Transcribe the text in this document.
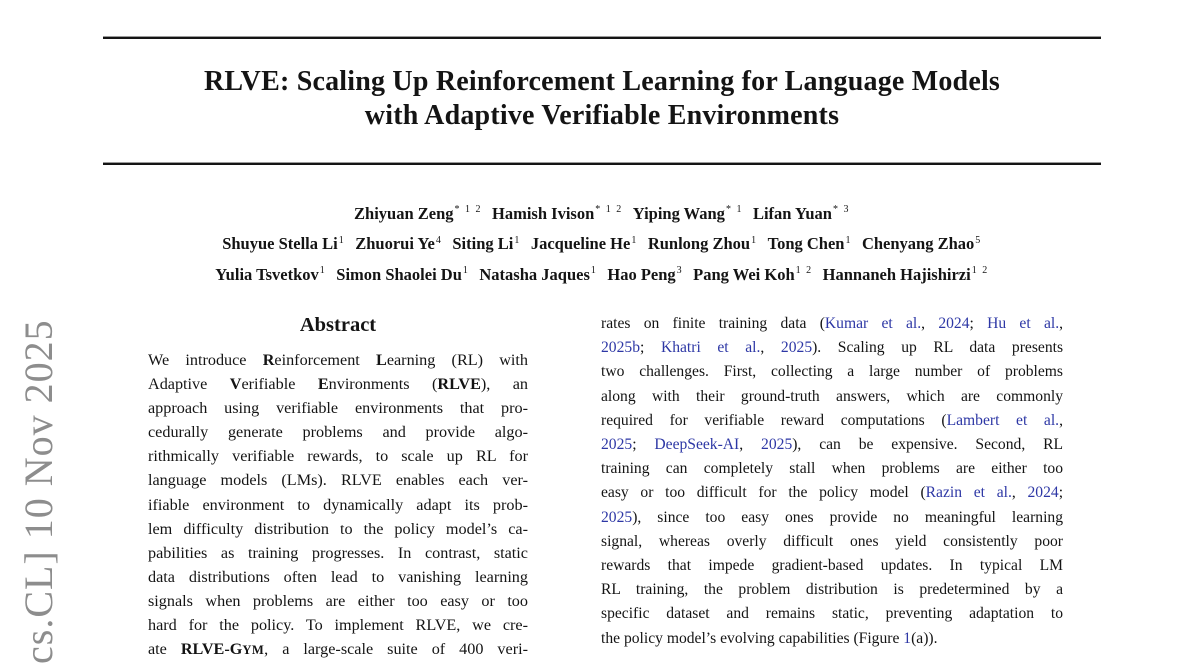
cs.CL] 10 Nov 2025
RLVE: Scaling Up Reinforcement Learning for Language Models
with Adaptive Verifiable Environments
Zhiyuan Zeng$^{* 1 2}$ Hamish Ivison$^{* 1 2}$ Yiping Wang$^{* 1}$ Lifan Yuan$^{* 3}$
Shuyue Stella Li$^1$ Zhuorui Ye$^4$ Siting Li$^1$ Jacqueline He$^1$ Runlong Zhou$^1$ Tong Chen$^1$ Chenyang Zhao$^5$
Yulia Tsvetkov$^1$ Simon Shaolei Du$^1$ Natasha Jaques$^1$ Hao Peng$^3$ Pang Wei Koh$^{1 2}$ Hannaneh Hajishirzi$^{1 2}$
Abstract
We introduce Reinforcement Learning (RL) with
Adaptive Verifiable Environments (RLVE), an
approach using verifiable environments that pro-
cedurally generate problems and provide algo-
rithmically verifiable rewards, to scale up RL for
language models (LMs). RLVE enables each ver-
ifiable environment to dynamically adapt its prob-
lem difficulty distribution to the policy model’s ca-
pabilities as training progresses. In contrast, static
data distributions often lead to vanishing learning
signals when problems are either too easy or too
hard for the policy. To implement RLVE, we cre-
ate RLVE-GYM, a large-scale suite of 400 veri-
rates on finite training data (Kumar et al., 2024; Hu et al.,
2025b; Khatri et al., 2025). Scaling up RL data presents
two challenges. First, collecting a large number of problems
along with their ground-truth answers, which are commonly
required for verifiable reward computations (Lambert et al.,
2025; DeepSeek-AI, 2025), can be expensive. Second, RL
training can completely stall when problems are either too
easy or too difficult for the policy model (Razin et al., 2024;
2025), since too easy ones provide no meaningful learning
signal, whereas overly difficult ones yield consistently poor
rewards that impede gradient-based updates. In typical LM
RL training, the problem distribution is predetermined by a
specific dataset and remains static, preventing adaptation to
the policy model’s evolving capabilities (Figure 1(a)).
